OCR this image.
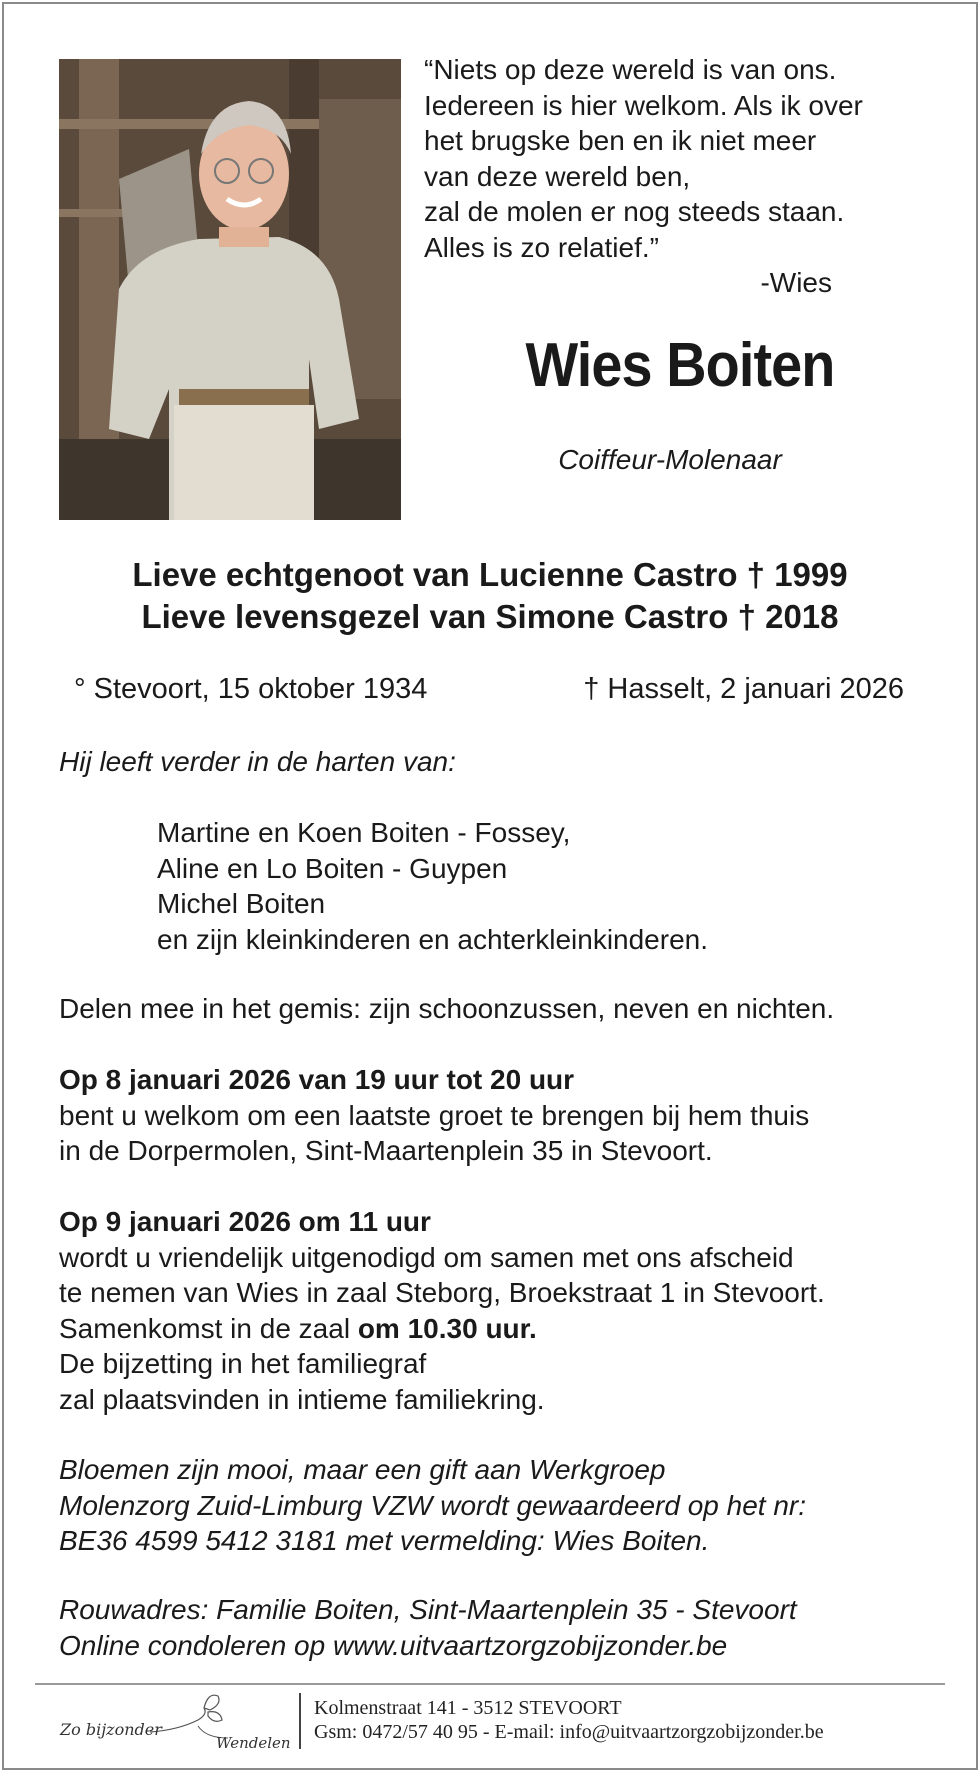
“Niets op deze wereld is van ons.
Iedereen is hier welkom. Als ik over
het brugske ben en ik niet meer
van deze wereld ben,
zal de molen er nog steeds staan.
Alles is zo relatief.”
-Wies
Wies Boiten
Coiffeur-Molenaar
Lieve echtgenoot van Lucienne Castro † 1999
Lieve levensgezel van Simone Castro † 2018
° Stevoort, 15 oktober 1934	† Hasselt, 2 januari 2026
Hij leeft verder in de harten van:
Martine en Koen Boiten - Fossey,
Aline en Lo Boiten - Guypen
Michel Boiten
en zijn kleinkinderen en achterkleinkinderen.
Delen mee in het gemis: zijn schoonzussen, neven en nichten.
Op 8 januari 2026 van 19 uur tot 20 uur
bent u welkom om een laatste groet te brengen bij hem thuis
in de Dorpermolen, Sint-Maartenplein 35 in Stevoort.
Op 9 januari 2026 om 11 uur
wordt u vriendelijk uitgenodigd om samen met ons afscheid
te nemen van Wies in zaal Steborg, Broekstraat 1 in Stevoort.
Samenkomst in de zaal om 10.30 uur.
De bijzetting in het familiegraf
zal plaatsvinden in intieme familiekring.
Bloemen zijn mooi, maar een gift aan Werkgroep
Molenzorg Zuid-Limburg VZW wordt gewaardeerd op het nr:
BE36 4599 5412 3181 met vermelding: Wies Boiten.
Rouwadres: Familie Boiten, Sint-Maartenplein 35 - Stevoort
Online condoleren op www.uitvaartzorgzobijzonder.be
Zo bijzonder
Wendelen
Kolmenstraat 141 - 3512 STEVOORT
Gsm: 0472/57 40 95 - E-mail: info@uitvaartzorgzobijzonder.be
